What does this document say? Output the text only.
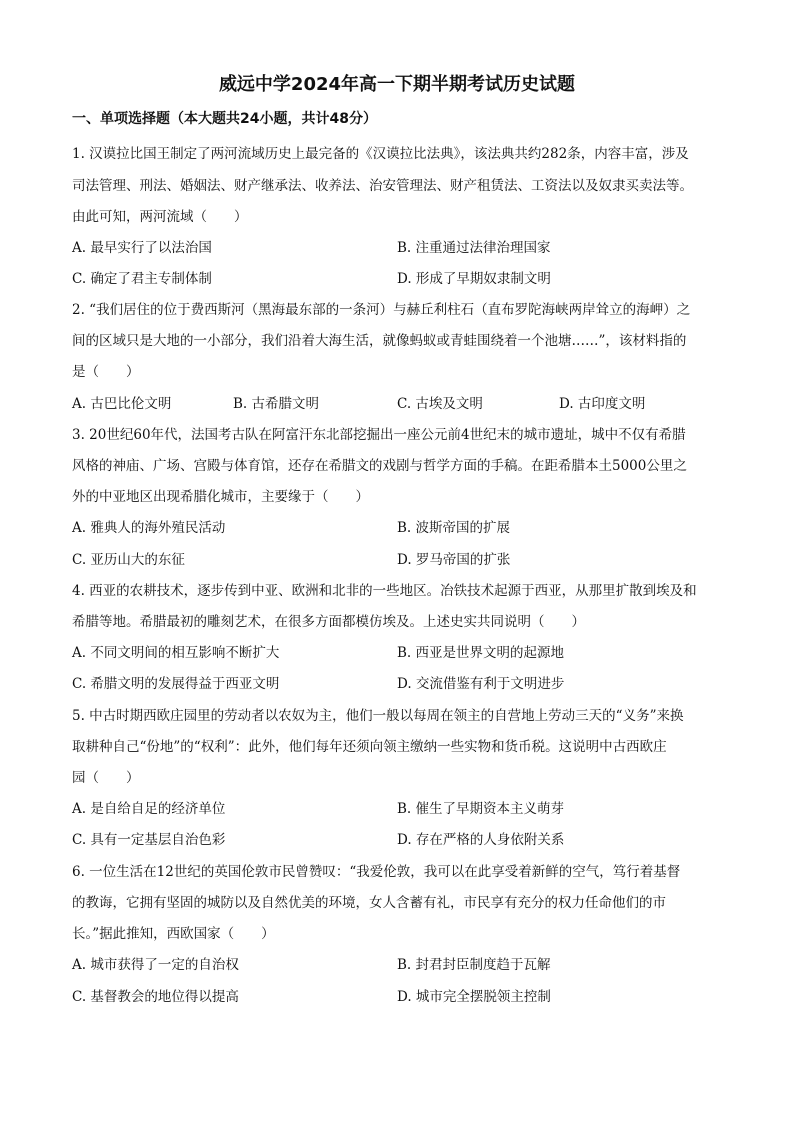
威远中学2024年高一下期半期考试历史试题
一、单项选择题（本大题共24小题，共计48分）
1. 汉谟拉比国王制定了两河流域历史上最完备的《汉谟拉比法典》，该法典共约282条，内容丰富，涉及
司法管理、刑法、婚姻法、财产继承法、收养法、治安管理法、财产租赁法、工资法以及奴隶买卖法等。
由此可知，两河流域（　　）
A. 最早实行了以法治国	B. 注重通过法律治理国家
C. 确定了君主专制体制	D. 形成了早期奴隶制文明
2. “我们居住的位于费西斯河（黑海最东部的一条河）与赫丘利柱石（直布罗陀海峡两岸耸立的海岬）之
间的区域只是大地的一小部分，我们沿着大海生活，就像蚂蚁或青蛙围绕着一个池塘……”，该材料指的
是（　　）
A. 古巴比伦文明	B. 古希腊文明	C. 古埃及文明	D. 古印度文明
3. 20世纪60年代，法国考古队在阿富汗东北部挖掘出一座公元前4世纪末的城市遗址，城中不仅有希腊
风格的神庙、广场、宫殿与体育馆，还存在希腊文的戏剧与哲学方面的手稿。在距希腊本土5000公里之
外的中亚地区出现希腊化城市，主要缘于（　　）
A. 雅典人的海外殖民活动	B. 波斯帝国的扩展
C. 亚历山大的东征	D. 罗马帝国的扩张
4. 西亚的农耕技术，逐步传到中亚、欧洲和北非的一些地区。冶铁技术起源于西亚，从那里扩散到埃及和
希腊等地。希腊最初的雕刻艺术，在很多方面都模仿埃及。上述史实共同说明（　　）
A. 不同文明间的相互影响不断扩大	B. 西亚是世界文明的起源地
C. 希腊文明的发展得益于西亚文明	D. 交流借鉴有利于文明进步
5. 中古时期西欧庄园里的劳动者以农奴为主，他们一般以每周在领主的自营地上劳动三天的“义务”来换
取耕种自己“份地”的“权利”：此外，他们每年还须向领主缴纳一些实物和货币税。这说明中古西欧庄
园（　　）
A. 是自给自足的经济单位	B. 催生了早期资本主义萌芽
C. 具有一定基层自治色彩	D. 存在严格的人身依附关系
6. 一位生活在12世纪的英国伦敦市民曾赞叹：“我爱伦敦，我可以在此享受着新鲜的空气，笃行着基督
的教诲，它拥有坚固的城防以及自然优美的环境，女人含蓄有礼，市民享有充分的权力任命他们的市
长。”据此推知，西欧国家（　　）
A. 城市获得了一定的自治权	B. 封君封臣制度趋于瓦解
C. 基督教会的地位得以提高	D. 城市完全摆脱领主控制
